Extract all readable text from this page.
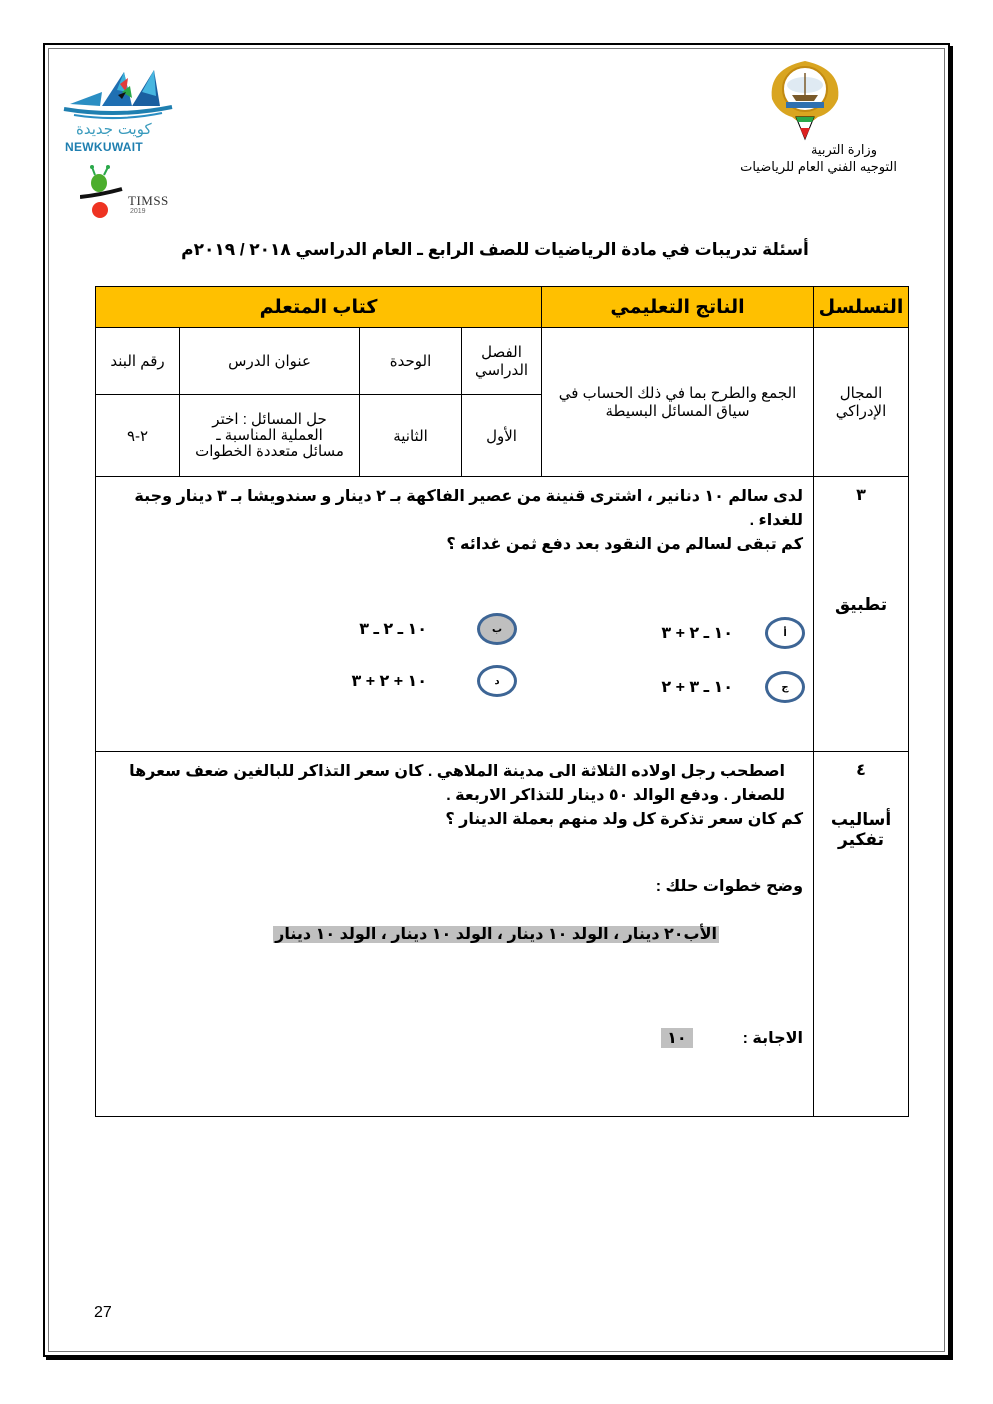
كويت جديدة
NEWKUWAIT
TIMSS
2019
وزارة التربية
التوجيه الفني العام للرياضيات
أسئلة تدريبات في مادة الرياضيات للصف الرابع ـ العام الدراسي ٢٠١٨ / ٢٠١٩م
التسلسل	الناتج التعليمي	كتاب المتعلم			
المجال الإدراكي	الجمع والطرح بما في ذلك الحساب في سياق المسائل البسيطة	الفصل الدراسي	الوحدة	عنوان الدرس	رقم البند
		الأول	الثانية	حل المسائل : اختر
العملية المناسبة ـ
مسائل متعددة الخطوات	٢-٩

٣
تطبيق

لدى سالم ١٠ دنانير ، اشترى قنينة من عصير الفاكهة بـ ٢ دينار و سندويشا بـ ٣ دينار وجبة للغداء .
كم تبقى لسالم من النقود بعد دفع ثمن غدائه ؟
أ
١٠ ـ ٢ + ٣
ب
١٠ ـ ٢ ـ ٣
ج
١٠ ـ ٣ + ٢
د
١٠ + ٢ + ٣

٤
أساليب
تفكير

اصطحب رجل اولاده الثلاثة الى مدينة الملاهي . كان سعر التذاكر للبالغين ضعف سعرها للصغار . ودفع الوالد ٥٠ دينار للتذاكر الاربعة .
كم كان سعر تذكرة كل ولد منهم بعملة الدينار ؟
وضح خطوات حلك :
الأب٢٠ دينار ، الولد ١٠ دينار ، الولد ١٠ دينار ، الولد ١٠ دينار
الاجابة :
١٠
27
